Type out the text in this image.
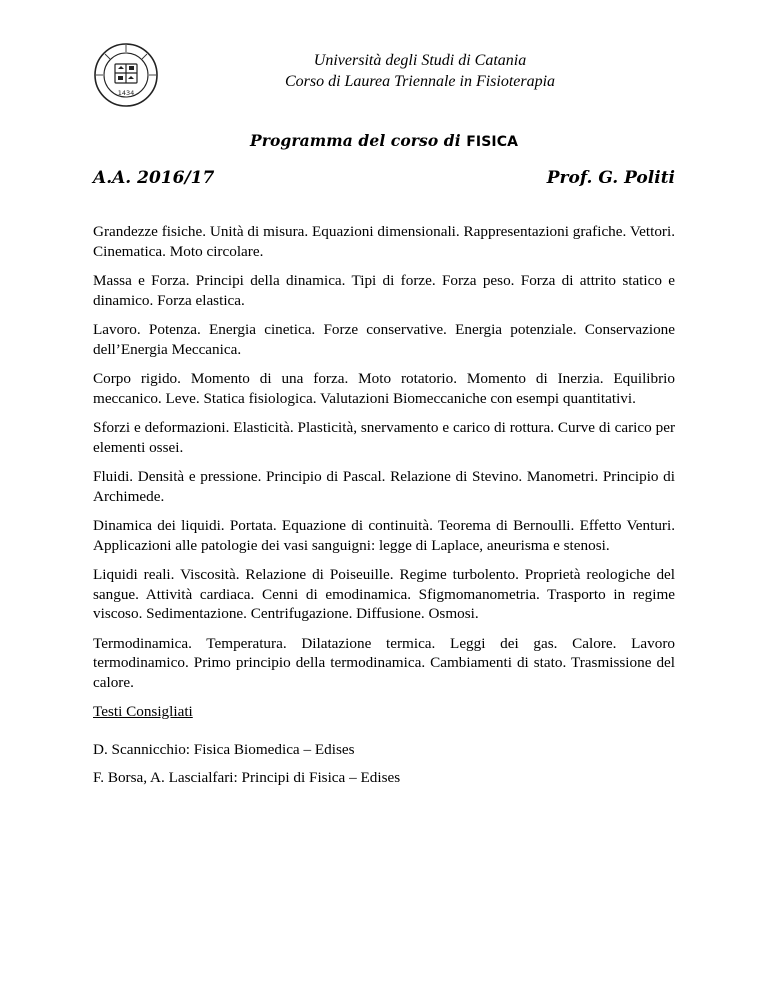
1434
Università degli Studi di Catania
Corso di Laurea Triennale in Fisioterapia
Programma del corso di FISICA
A.A. 2016/17	Prof. G. Politi

Grandezze fisiche. Unità di misura. Equazioni dimensionali. Rappresentazioni grafiche. Vettori. Cinematica. Moto circolare.

Massa e Forza. Principi della dinamica. Tipi di forze. Forza peso. Forza di attrito statico e dinamico. Forza elastica.

Lavoro. Potenza. Energia cinetica. Forze conservative. Energia potenziale. Conservazione dell’Energia Meccanica.

Corpo rigido. Momento di una forza. Moto rotatorio. Momento di Inerzia. Equilibrio meccanico. Leve. Statica fisiologica. Valutazioni Biomeccaniche con esempi quantitativi.

Sforzi e deformazioni. Elasticità. Plasticità, snervamento e carico di rottura. Curve di carico per elementi ossei.

Fluidi. Densità e pressione. Principio di Pascal. Relazione di Stevino. Manometri. Principio di Archimede.

Dinamica dei liquidi. Portata. Equazione di continuità. Teorema di Bernoulli. Effetto Venturi. Applicazioni alle patologie dei vasi sanguigni: legge di Laplace, aneurisma e stenosi.

Liquidi reali. Viscosità. Relazione di Poiseuille. Regime turbolento. Proprietà reologiche del sangue. Attività cardiaca. Cenni di emodinamica. Sfigmomanometria. Trasporto in regime viscoso. Sedimentazione. Centrifugazione. Diffusione. Osmosi.

Termodinamica. Temperatura. Dilatazione termica. Leggi dei gas. Calore. Lavoro termodinamico. Primo principio della termodinamica. Cambiamenti di stato. Trasmissione del calore.

Testi Consigliati

D. Scannicchio: Fisica Biomedica – Edises

F. Borsa, A. Lascialfari: Principi di Fisica – Edises
